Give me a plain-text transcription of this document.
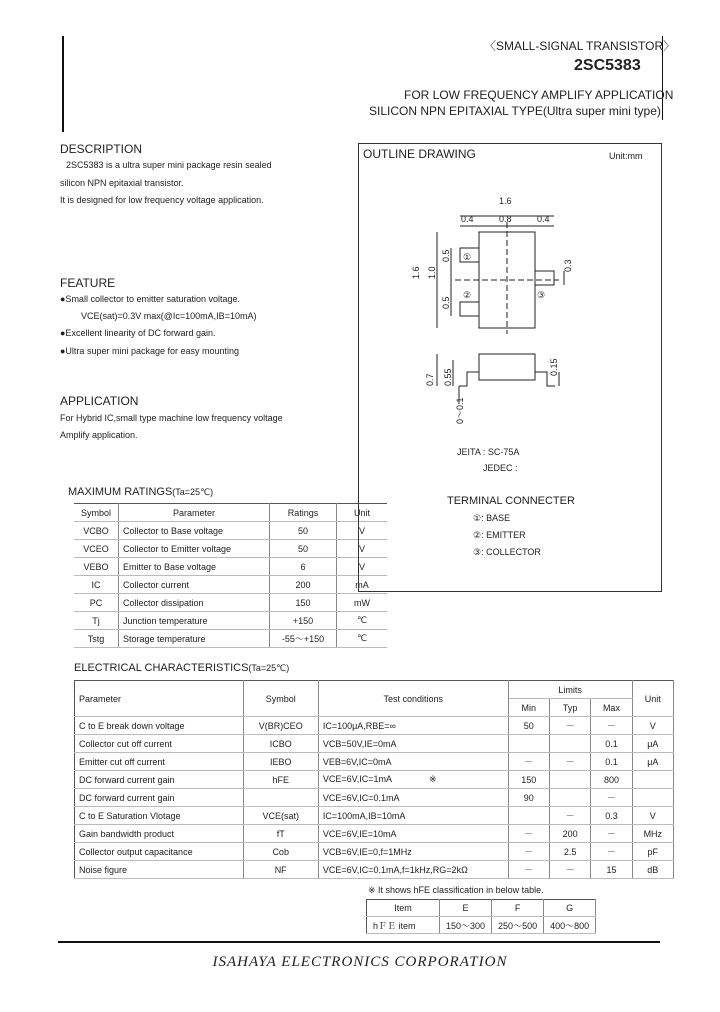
〈SMALL-SIGNAL TRANSISTOR〉
2SC5383
FOR LOW FREQUENCY AMPLIFY APPLICATION
SILICON NPN EPITAXIAL TYPE(Ultra super mini type)
DESCRIPTION
2SC5383 is a ultra super mini package resin sealed
silicon NPN epitaxial transistor.
It is designed for low frequency voltage application.
FEATURE
●Small collector to emitter saturation voltage.
VCE(sat)=0.3V max(@Ic=100mA,IB=10mA)
●Excellent linearity of DC forward gain.
●Ultra super mini package for easy mounting
APPLICATION
For Hybrid IC,small type machine low frequency voltage
Amplify application.
MAXIMUM RATINGS(Ta=25℃)
Symbol	Parameter	Ratings	Unit
VCBO	Collector to Base voltage	50	V
VCEO	Collector to Emitter voltage	50	V
VEBO	Emitter to Base voltage	6	V
IC	Collector current	200	mA
PC	Collector dissipation	150	mW
Tj	Junction temperature	+150	℃
Tstg	Storage temperature	-55～+150	℃
OUTLINE DRAWING	Unit:mm
1.6
0.4	0.8	0.4
1.6 1.0
0.5
0.5
0.3
①
②	③
0.7 0.55
0.15
0～0.1
JEITA : SC-75A
JEDEC :
TERMINAL CONNECTER
①: BASE
②: EMITTER
③: COLLECTOR
ELECTRICAL CHARACTERISTICS(Ta=25℃)
Parameter	Symbol	Test conditions	Limits			Unit
			Min	Typ	Max	
C to E break down voltage	V(BR)CEO	IC=100μA,RBE=∞	50	－	－	V
Collector cut off current	ICBO	VCB=50V,IE=0mA			0.1	μA
Emitter cut off current	IEBO	VEB=6V,IC=0mA	－	－	0.1	μA
DC forward current gain	hFE	VCE=6V,IC=1mA               ※	150		800	
DC forward current gain		VCE=6V,IC=0.1mA	90		－	
C to E Saturation Vlotage	VCE(sat)	IC=100mA,IB=10mA		－	0.3	V
Gain bandwidth product	fT	VCE=6V,IE=10mA	－	200	－	MHz
Collector output capacitance	Cob	VCB=6V,IE=0,f=1MHz	－	2.5	－	pF
Noise figure	NF	VCE=6V,IC=0.1mA,f=1kHz,RG=2kΩ	－	－	15	dB
※ It shows hFE classification in below table.
Item	E	F	G
hＦＥ item	150～300	250～500	400～800
ISAHAYA ELECTRONICS CORPORATION
